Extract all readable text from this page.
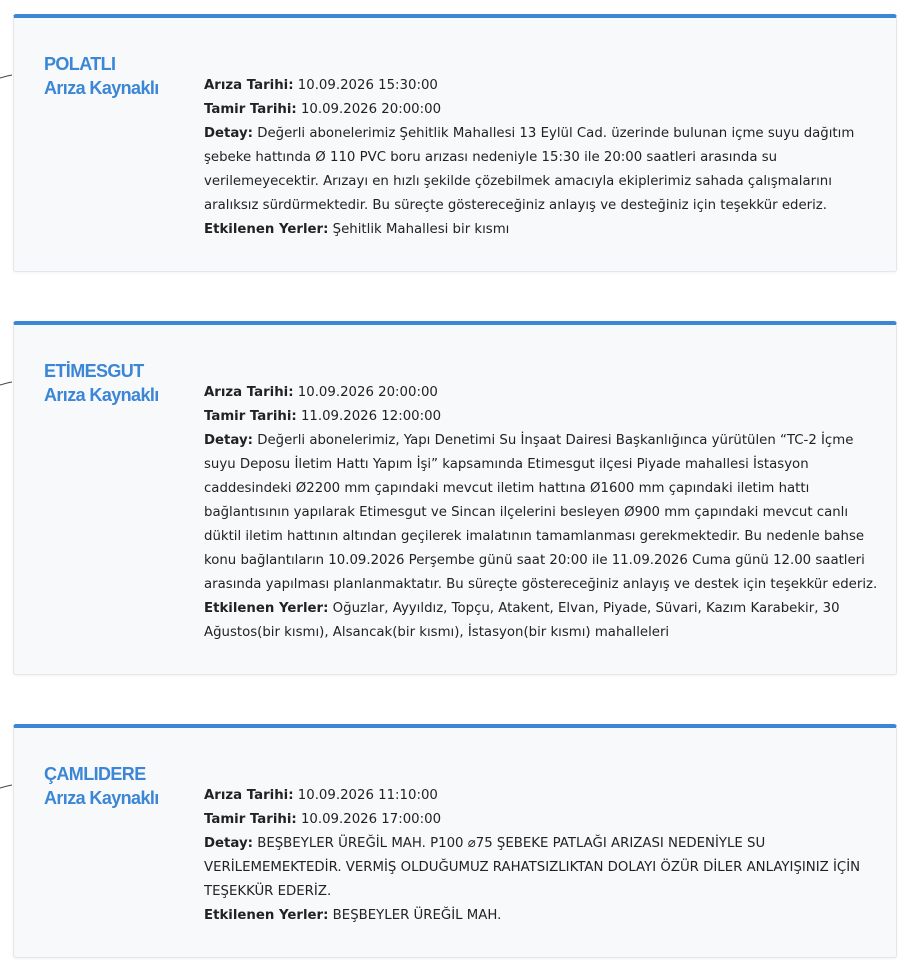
POLATLI
Arıza Kaynaklı	Arıza Tarihi: 10.09.2026 15:30:00

Tamir Tarihi: 10.09.2026 20:00:00

Detay: Değerli abonelerimiz Şehitlik Mahallesi 13 Eylül Cad. üzerinde bulunan içme suyu dağıtım şebeke hattında Ø 110 PVC boru arızası nedeniyle 15:30 ile 20:00 saatleri arasında su verilemeyecektir. Arızayı en hızlı şekilde çözebilmek amacıyla ekiplerimiz sahada çalışmalarını aralıksız sürdürmektedir. Bu süreçte göstereceğiniz anlayış ve desteğiniz için teşekkür ederiz.

Etkilenen Yerler: Şehitlik Mahallesi bir kısmı

ETİMESGUT
Arıza Kaynaklı	Arıza Tarihi: 10.09.2026 20:00:00

Tamir Tarihi: 11.09.2026 12:00:00

Detay: Değerli abonelerimiz, Yapı Denetimi Su İnşaat Dairesi Başkanlığınca yürütülen “TC-2 İçme suyu Deposu İletim Hattı Yapım İşi” kapsamında Etimesgut ilçesi Piyade mahallesi İstasyon caddesindeki Ø2200 mm çapındaki mevcut iletim hattına Ø1600 mm çapındaki iletim hattı bağlantısının yapılarak Etimesgut ve Sincan ilçelerini besleyen Ø900 mm çapındaki mevcut canlı düktil iletim hattının altından geçilerek imalatının tamamlanması gerekmektedir. Bu nedenle bahse konu bağlantıların 10.09.2026 Perşembe günü saat 20:00 ile 11.09.2026 Cuma günü 12.00 saatleri arasında yapılması planlanmaktatır. Bu süreçte göstereceğiniz anlayış ve destek için teşekkür ederiz.

Etkilenen Yerler: Oğuzlar, Ayyıldız, Topçu, Atakent, Elvan, Piyade, Süvari, Kazım Karabekir, 30 Ağustos(bir kısmı), Alsancak(bir kısmı), İstasyon(bir kısmı) mahalleleri

ÇAMLIDERE
Arıza Kaynaklı	Arıza Tarihi: 10.09.2026 11:10:00

Tamir Tarihi: 10.09.2026 17:00:00

Detay: BEŞBEYLER ÜREĞİL MAH. P100 ⌀75 ŞEBEKE PATLAĞI ARIZASI NEDENİYLE SU VERİLEMEMEKTEDİR. VERMİŞ OLDUĞUMUZ RAHATSIZLIKTAN DOLAYI ÖZÜR DİLER ANLAYIŞINIZ İÇİN TEŞEKKÜR EDERİZ.

Etkilenen Yerler: BEŞBEYLER ÜREĞİL MAH.
